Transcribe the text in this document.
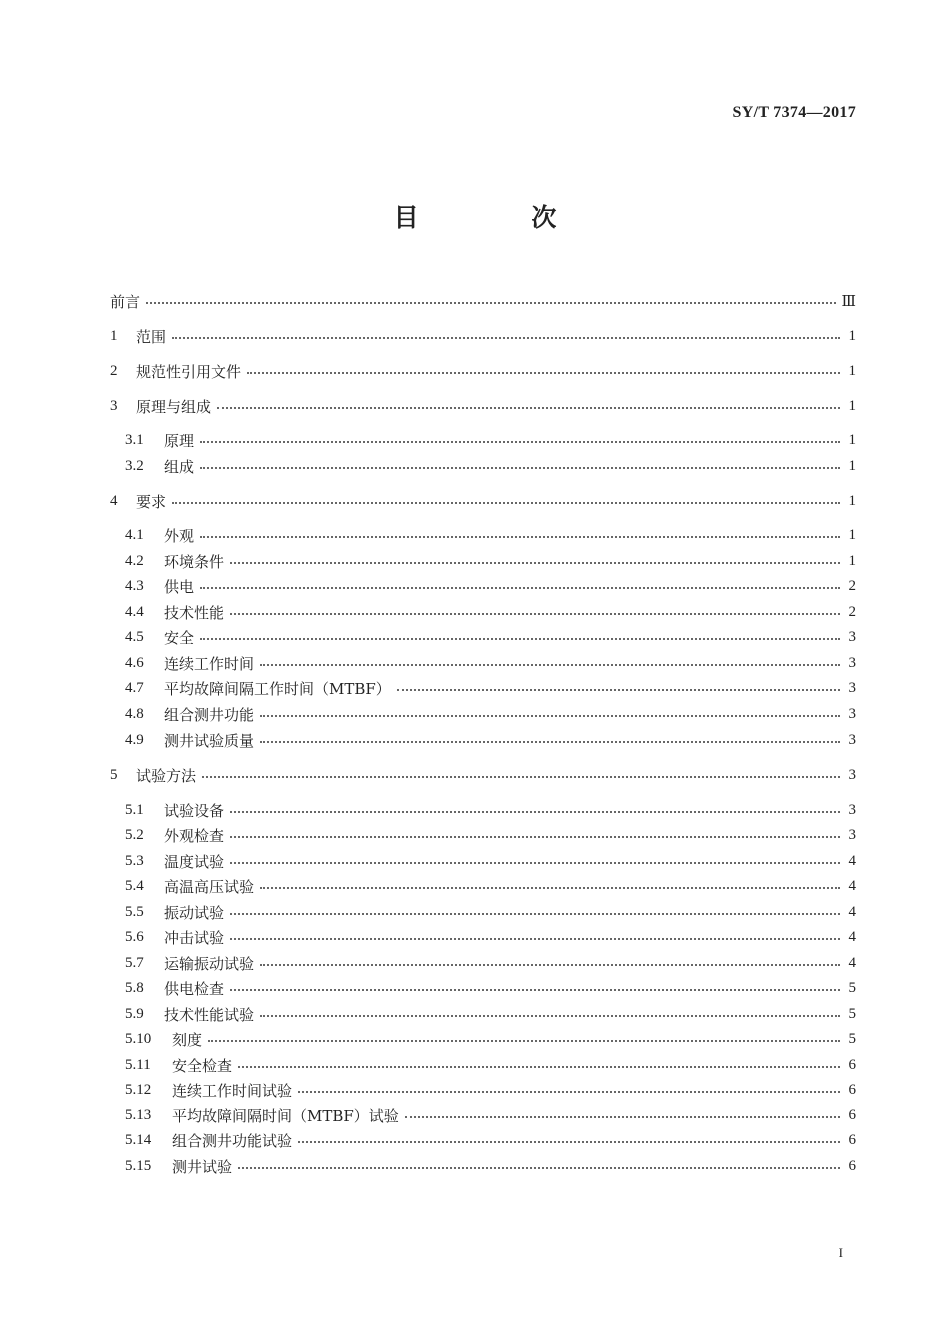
SY/T 7374—2017
目 次
前言	Ⅲ
1	范围	1
2	规范性引用文件	1
3	原理与组成	1
3.1	原理	1
3.2	组成	1
4	要求	1
4.1	外观	1
4.2	环境条件	1
4.3	供电	2
4.4	技术性能	2
4.5	安全	3
4.6	连续工作时间	3
4.7	平均故障间隔工作时间（MTBF）	3
4.8	组合测井功能	3
4.9	测井试验质量	3
5	试验方法	3
5.1	试验设备	3
5.2	外观检查	3
5.3	温度试验	4
5.4	高温高压试验	4
5.5	振动试验	4
5.6	冲击试验	4
5.7	运输振动试验	4
5.8	供电检查	5
5.9	技术性能试验	5
5.10	刻度	5
5.11	安全检查	6
5.12	连续工作时间试验	6
5.13	平均故障间隔时间（MTBF）试验	6
5.14	组合测井功能试验	6
5.15	测井试验	6
I
